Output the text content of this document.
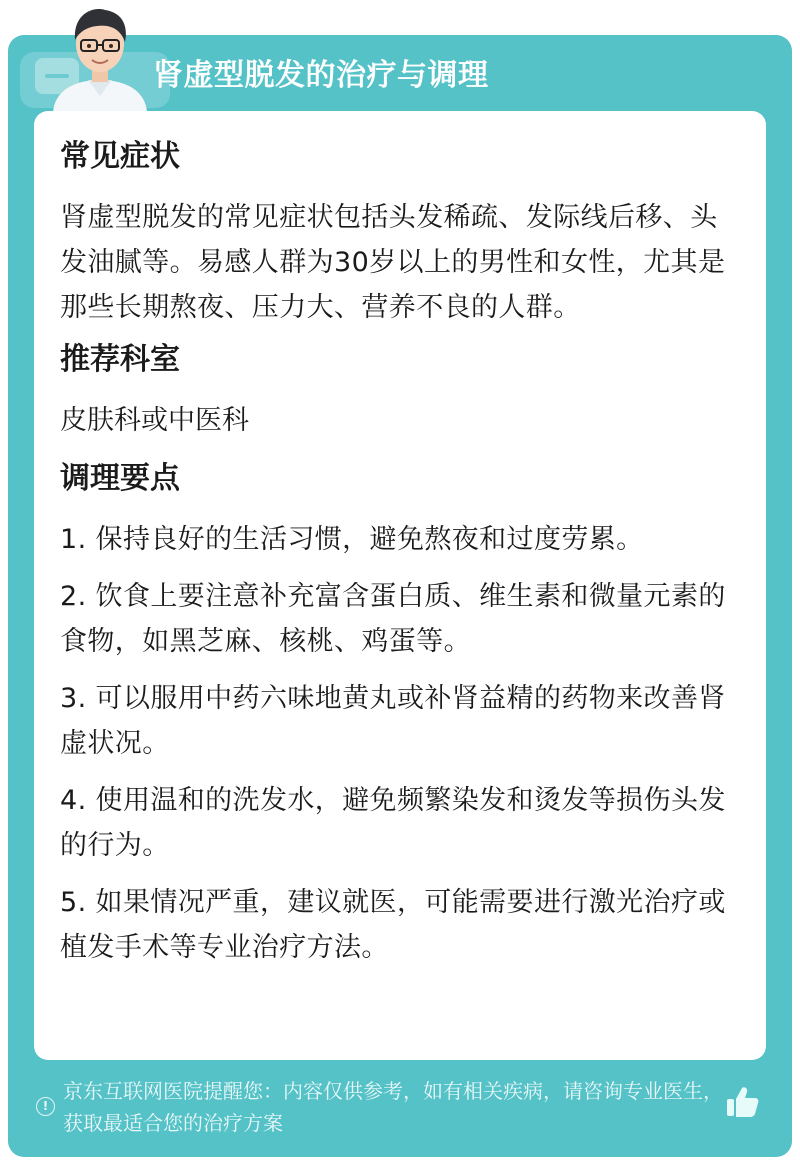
肾虚型脱发的治疗与调理
常见症状
肾虚型脱发的常见症状包括头发稀疏、发际线后移、头发油腻等。易感人群为30岁以上的男性和女性，尤其是那些长期熬夜、压力大、营养不良的人群。
推荐科室
皮肤科或中医科
调理要点
1. 保持良好的生活习惯，避免熬夜和过度劳累。
2. 饮食上要注意补充富含蛋白质、维生素和微量元素的食物，如黑芝麻、核桃、鸡蛋等。
3. 可以服用中药六味地黄丸或补肾益精的药物来改善肾虚状况。
4. 使用温和的洗发水，避免频繁染发和烫发等损伤头发的行为。
5. 如果情况严重，建议就医，可能需要进行激光治疗或植发手术等专业治疗方法。
!
京东互联网医院提醒您：内容仅供参考，如有相关疾病，请咨询专业医生，获取最适合您的治疗方案
